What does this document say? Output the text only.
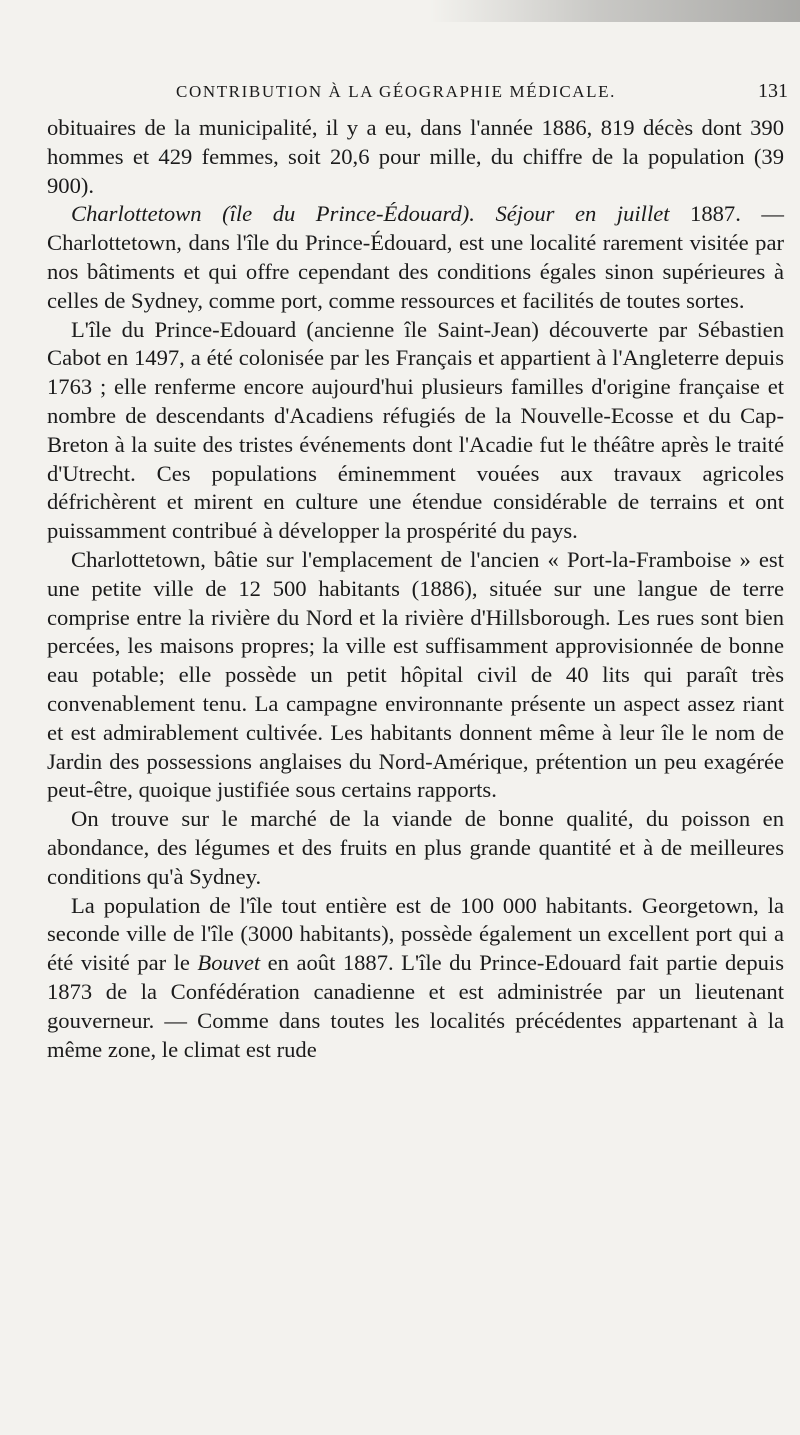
CONTRIBUTION À LA GÉOGRAPHIE MÉDICALE.	131

obituaires de la municipalité, il y a eu, dans l'année 1886, 819 décès dont 390 hommes et 429 femmes, soit 20,6 pour mille, du chiffre de la population (39 900).

Charlottetown (île du Prince-Édouard). Séjour en juillet 1887. — Charlottetown, dans l'île du Prince-Édouard, est une localité rarement visitée par nos bâtiments et qui offre cependant des conditions égales sinon supérieures à celles de Sydney, comme port, comme ressources et facilités de toutes sortes.

L'île du Prince-Edouard (ancienne île Saint-Jean) découverte par Sébastien Cabot en 1497, a été colonisée par les Français et appartient à l'Angleterre depuis 1763 ; elle renferme encore aujourd'hui plusieurs familles d'origine française et nombre de descendants d'Acadiens réfugiés de la Nouvelle-Ecosse et du Cap-Breton à la suite des tristes événements dont l'Acadie fut le théâtre après le traité d'Utrecht. Ces populations éminemment vouées aux travaux agricoles défrichèrent et mirent en culture une étendue considérable de terrains et ont puissamment contribué à développer la prospérité du pays.

Charlottetown, bâtie sur l'emplacement de l'ancien « Port-la-Framboise » est une petite ville de 12 500 habitants (1886), située sur une langue de terre comprise entre la rivière du Nord et la rivière d'Hillsborough. Les rues sont bien percées, les maisons propres; la ville est suffisamment approvisionnée de bonne eau potable; elle possède un petit hôpital civil de 40 lits qui paraît très convenablement tenu. La campagne environnante présente un aspect assez riant et est admirablement cultivée. Les habitants donnent même à leur île le nom de Jardin des possessions anglaises du Nord-Amérique, prétention un peu exagérée peut-être, quoique justifiée sous certains rapports.

On trouve sur le marché de la viande de bonne qualité, du poisson en abondance, des légumes et des fruits en plus grande quantité et à de meilleures conditions qu'à Sydney.

La population de l'île tout entière est de 100 000 habitants. Georgetown, la seconde ville de l'île (3000 habitants), possède également un excellent port qui a été visité par le Bouvet en août 1887. L'île du Prince-Edouard fait partie depuis 1873 de la Confédération canadienne et est administrée par un lieutenant gouverneur. — Comme dans toutes les localités précédentes appartenant à la même zone, le climat est rude
